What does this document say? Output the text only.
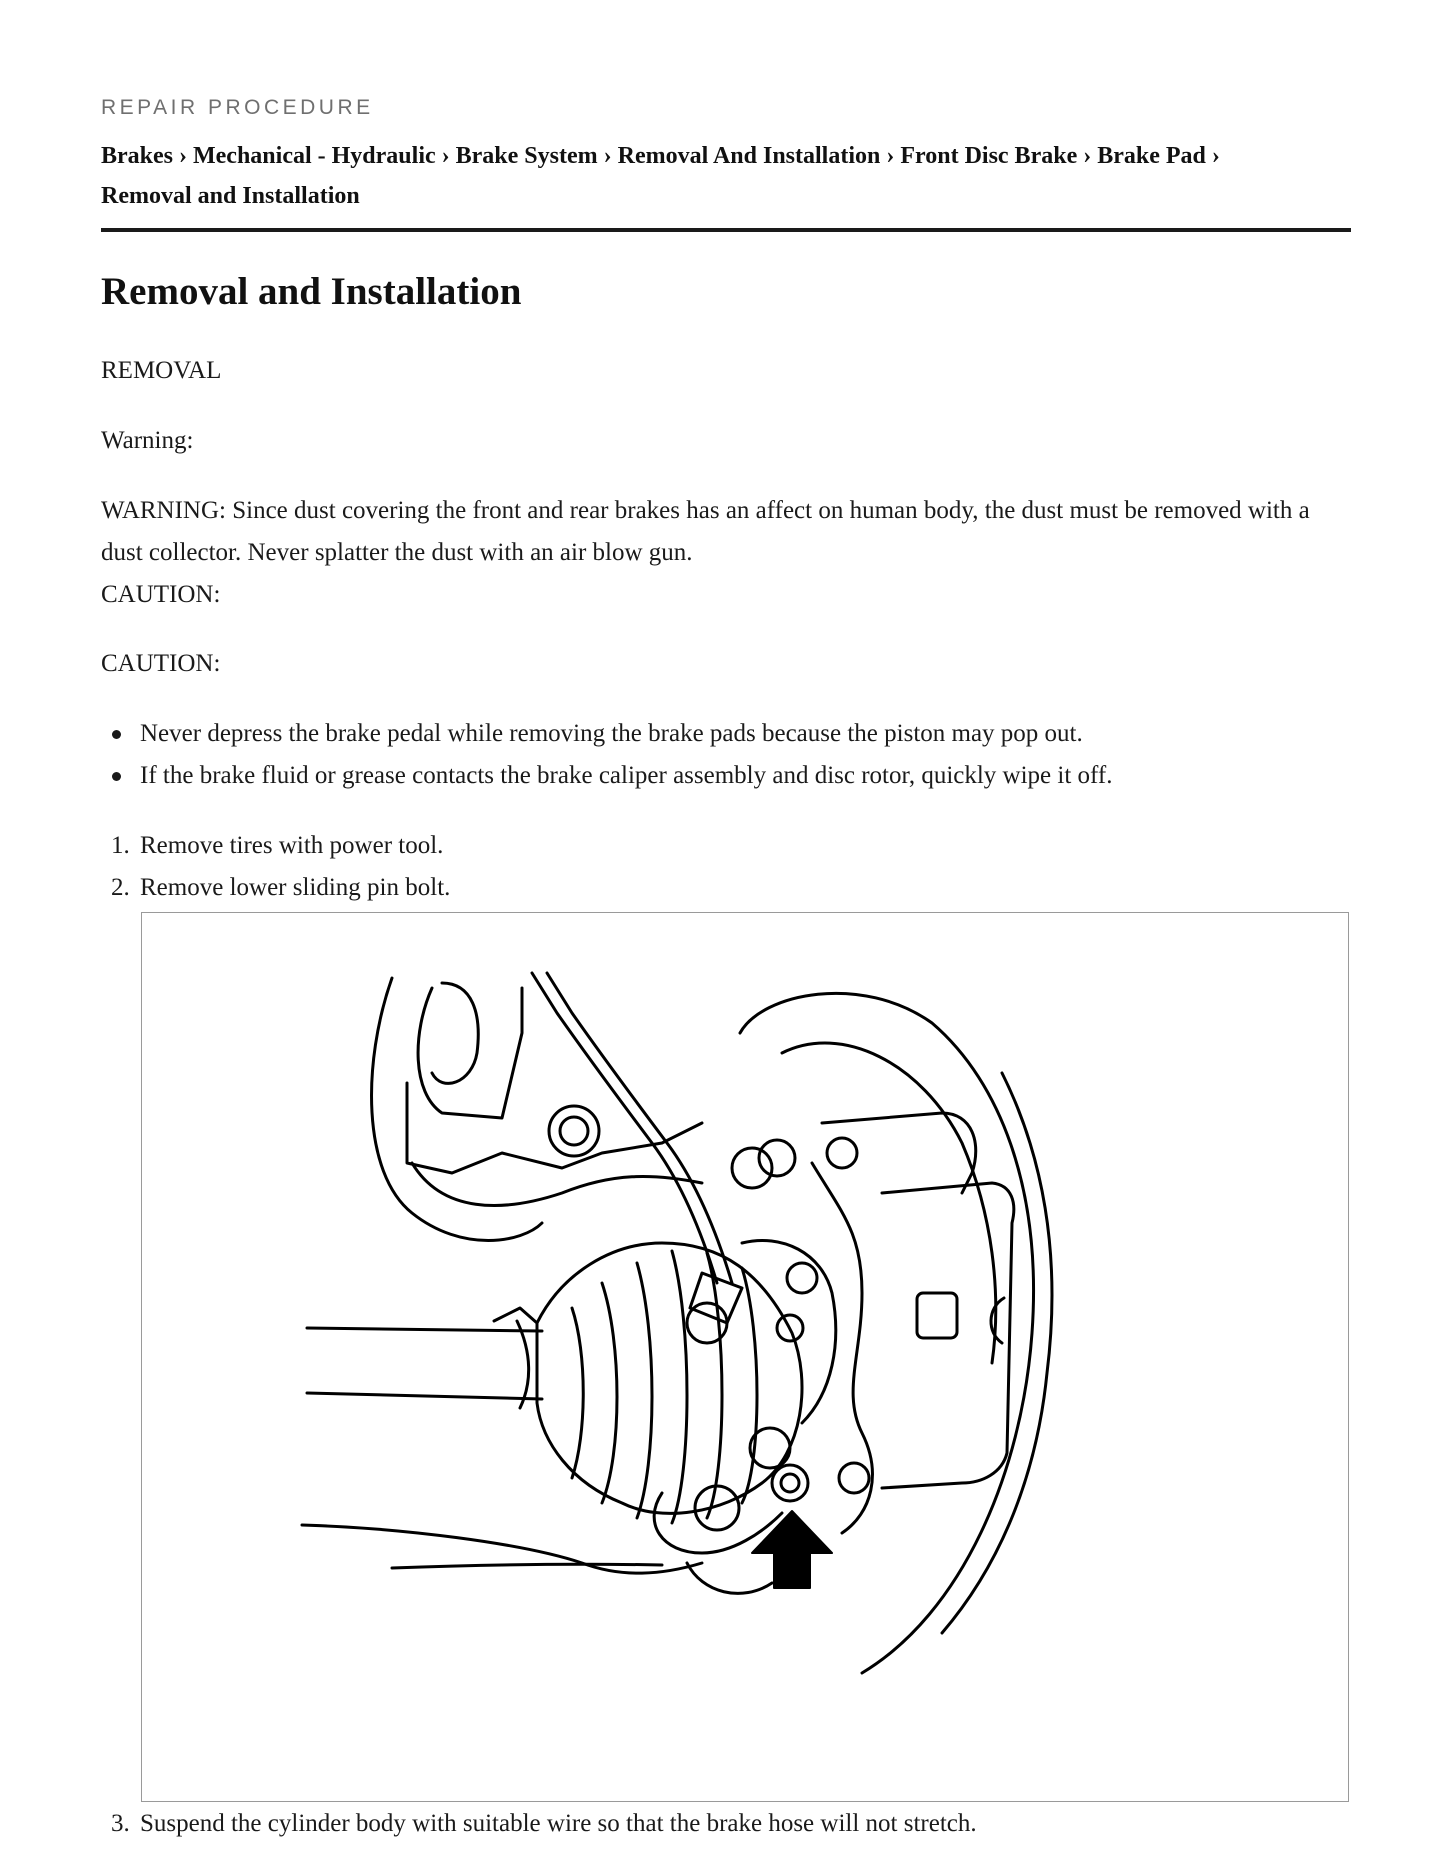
REPAIR PROCEDURE
Brakes › Mechanical - Hydraulic › Brake System › Removal And Installation › Front Disc Brake › Brake Pad ›
Removal and Installation
Removal and Installation

REMOVAL

Warning:

WARNING: Since dust covering the front and rear brakes has an affect on human body, the dust must be removed with a dust collector. Never splatter the dust with an air blow gun.

CAUTION:

CAUTION:

Never depress the brake pedal while removing the brake pads because the piston may pop out.
If the brake fluid or grease contacts the brake caliper assembly and disc rotor, quickly wipe it off.
1. Remove tires with power tool.
2. Remove lower sliding pin bolt.
3. Suspend the cylinder body with suitable wire so that the brake hose will not stretch.
